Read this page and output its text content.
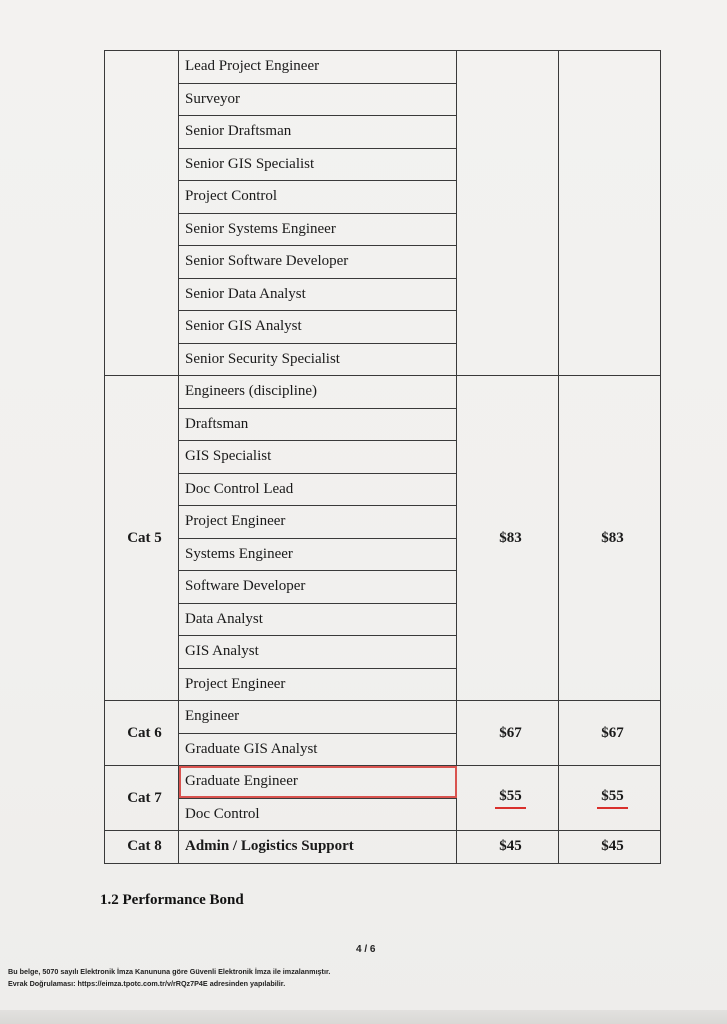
	Lead Project Engineer		
	Surveyor		
	Senior Draftsman		
	Senior GIS Specialist		
	Project Control		
	Senior Systems Engineer		
	Senior Software Developer		
	Senior Data Analyst		
	Senior GIS Analyst		
	Senior Security Specialist		
Cat 5	Engineers (discipline)	$83	$83
	Draftsman		
	GIS Specialist		
	Doc Control Lead		
	Project Engineer		
	Systems Engineer		
	Software Developer		
	Data Analyst		
	GIS Analyst		
	Project Engineer		
Cat 6	Engineer	$67	$67
	Graduate GIS Analyst		
Cat 7	Graduate Engineer	$55	$55
	Doc Control		
Cat 8	Admin / Logistics Support	$45	$45
1.2 Performance Bond
4 / 6
Bu belge, 5070 sayılı Elektronik İmza Kanununa göre Güvenli Elektronik İmza ile imzalanmıştır.
Evrak Doğrulaması: https://eimza.tpotc.com.tr/v/rRQz7P4E adresinden yapılabilir.
